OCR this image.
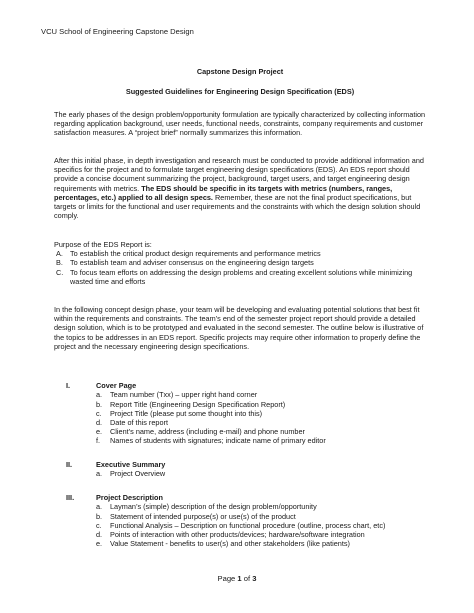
VCU School of Engineering Capstone Design
Capstone Design Project
Suggested Guidelines for Engineering Design Specification (EDS)
The early phases of the design problem/opportunity formulation are typically characterized by collecting information regarding application background, user needs, functional needs, constraints, company requirements and customer satisfaction measures. A “project brief” normally summarizes this information.
After this initial phase, in depth investigation and research must be conducted to provide additional information and specifics for the project and to formulate target engineering design specifications (EDS). An EDS report should provide a concise document summarizing the project, background, target users, and target engineering design requirements with metrics. The EDS should be specific in its targets with metrics (numbers, ranges, percentages, etc.) applied to all design specs. Remember, these are not the final product specifications, but targets or limits for the functional and user requirements and the constraints with which the design solution should comply.
Purpose of the EDS Report is:
A. To establish the critical product design requirements and performance metrics
B. To establish team and adviser consensus on the engineering design targets
C. To focus team efforts on addressing the design problems and creating excellent solutions while minimizing wasted time and efforts
In the following concept design phase, your team will be developing and evaluating potential solutions that best fit within the requirements and constraints. The team’s end of the semester project report should provide a detailed design solution, which is to be prototyped and evaluated in the second semester. The outline below is illustrative of the topics to be addresses in an EDS report. Specific projects may require other information to properly define the project and the necessary engineering design specifications.
I.	Cover Page
a. Team number (Txx) – upper right hand corner
b. Report Title (Engineering Design Specification Report)
c. Project Title (please put some thought into this)
d. Date of this report
e. Client’s name, address (including e-mail) and phone number
f. Names of students with signatures; indicate name of primary editor
II.	Executive Summary
a. Project Overview
III.	Project Description
a. Layman’s (simple) description of the design problem/opportunity
b. Statement of intended purpose(s) or use(s) of the product
c. Functional Analysis – Description on functional procedure (outline, process chart, etc)
d. Points of interaction with other products/devices; hardware/software integration
e. Value Statement - benefits to user(s) and other stakeholders (like patients)
Page 1 of 3
